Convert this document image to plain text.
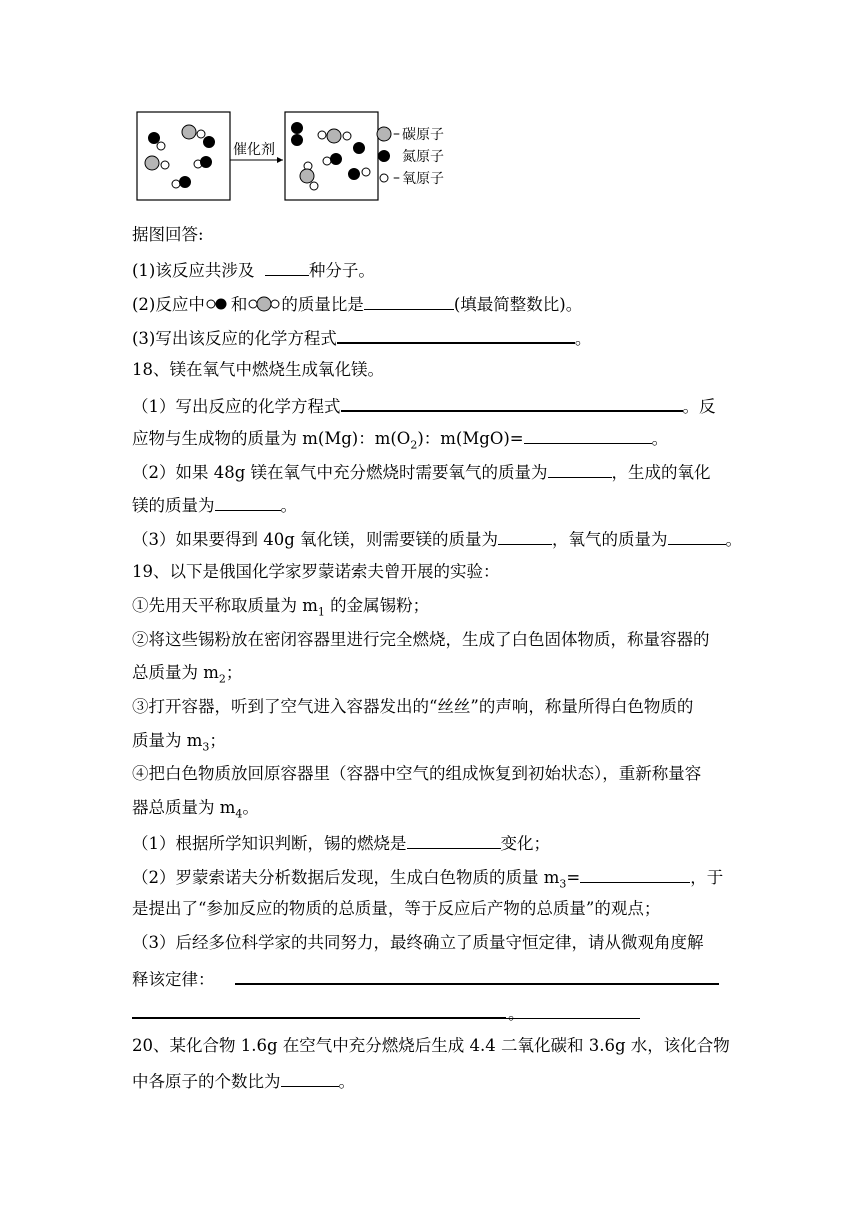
催化剂
– 碳原子
氮原子
– 氧原子
据图回答:
(1)该反应共涉及	种分子。
(2)反应中 和 的质量比是	(填最简整数比)。
(3)写出该反应的化学方程式	。
18、镁在氧气中燃烧生成氧化镁。
（1）写出反应的化学方程式	。反
应物与生成物的质量为 m(Mg)：$m(O_2)$：m(MgO)=	。
（2）如果 48g 镁在氧气中充分燃烧时需要氧气的质量为	，生成的氧化
镁的质量为	。
（3）如果要得到 40g 氧化镁，则需要镁的质量为	，氧气的质量为	。
19、以下是俄国化学家罗蒙诺索夫曾开展的实验：
①先用天平称取质量为 $m_1$ 的金属锡粉；
②将这些锡粉放在密闭容器里进行完全燃烧，生成了白色固体物质，称量容器的
总质量为 $m_2$；
③打开容器，听到了空气进入容器发出的“丝丝”的声响，称量所得白色物质的
质量为 $m_3$；
④把白色物质放回原容器里（容器中空气的组成恢复到初始状态），重新称量容
器总质量为 $m_4$。
（1）根据所学知识判断，锡的燃烧是	变化；
（2）罗蒙索诺夫分析数据后发现，生成白色物质的质量 $m_3=$	，于
是提出了“参加反应的物质的总质量，等于反应后产物的总质量”的观点；
（3）后经多位科学家的共同努力，最终确立了质量守恒定律，请从微观角度解
释该定律：
。
20、某化合物 1.6g 在空气中充分燃烧后生成 4.4 二氧化碳和 3.6g 水，该化合物
中各原子的个数比为	。
